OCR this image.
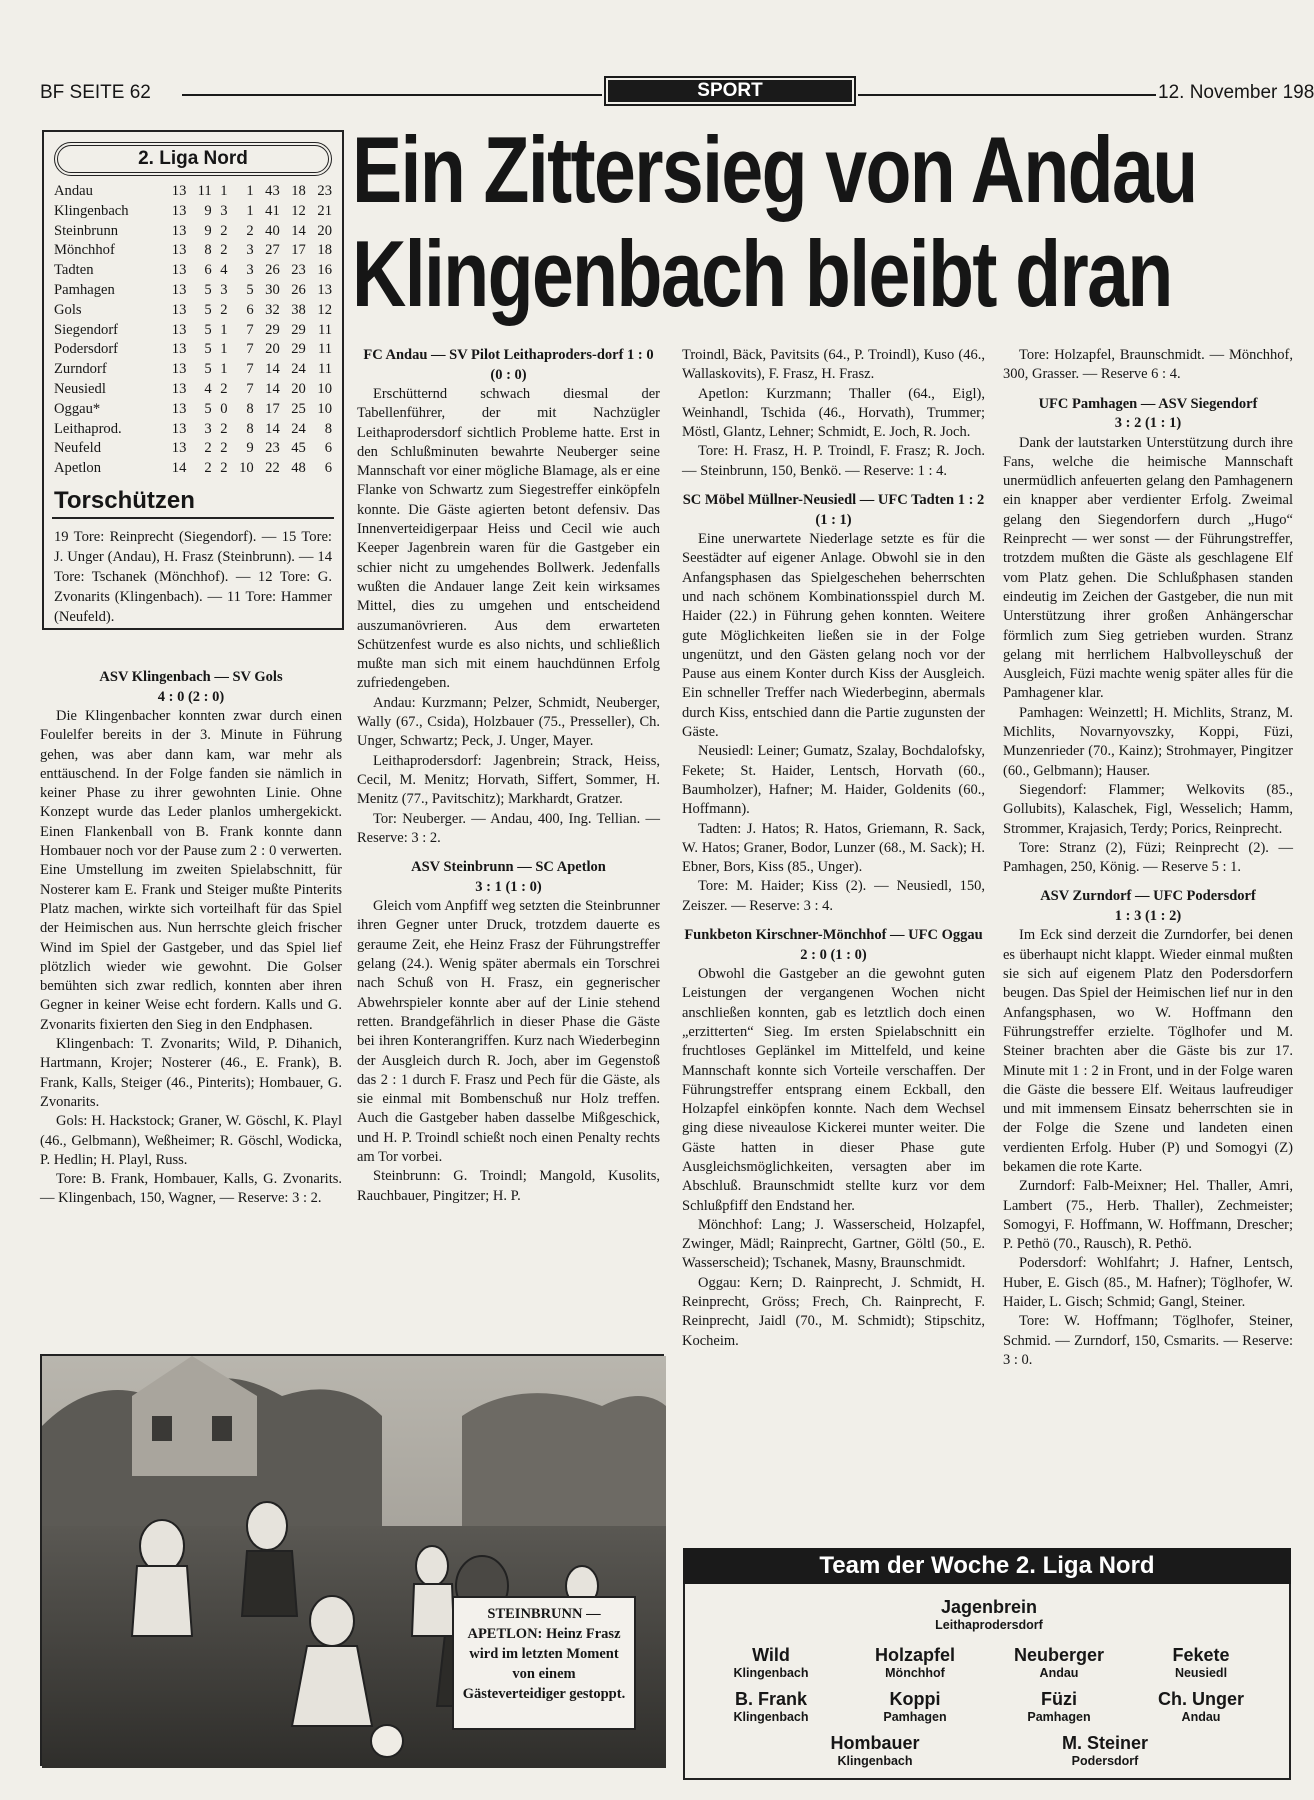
BF SEITE 62	SPORT	12. November 198
Ein Zittersieg von Andau
Klingenbach bleibt dran
2. Liga Nord
Andau	13	11	1	1	43	18	23
Klingenbach	13	9	3	1	41	12	21
Steinbrunn	13	9	2	2	40	14	20
Mönchhof	13	8	2	3	27	17	18
Tadten	13	6	4	3	26	23	16
Pamhagen	13	5	3	5	30	26	13
Gols	13	5	2	6	32	38	12
Siegendorf	13	5	1	7	29	29	11
Podersdorf	13	5	1	7	20	29	11
Zurndorf	13	5	1	7	14	24	11
Neusiedl	13	4	2	7	14	20	10
Oggau*	13	5	0	8	17	25	10
Leithaprod.	13	3	2	8	14	24	8
Neufeld	13	2	2	9	23	45	6
Apetlon	14	2	2	10	22	48	6
Torschützen
19 Tore: Reinprecht (Siegendorf). — 15 Tore: J. Unger (Andau), H. Frasz (Steinbrunn). — 14 Tore: Tschanek (Mönchhof). — 12 Tore: G. Zvonarits (Klingenbach). — 11 Tore: Hammer (Neufeld).
ASV Klingenbach — SV Gols
4 : 0 (2 : 0)

Die Klingenbacher konnten zwar durch einen Foulelfer bereits in der 3. Minute in Führung gehen, was aber dann kam, war mehr als enttäuschend. In der Folge fanden sie nämlich in keiner Phase zu ihrer gewohnten Linie. Ohne Konzept wurde das Leder planlos umhergekickt. Einen Flankenball von B. Frank konnte dann Hombauer noch vor der Pause zum 2 : 0 verwerten. Eine Umstellung im zweiten Spielabschnitt, für Nosterer kam E. Frank und Steiger mußte Pinterits Platz machen, wirkte sich vorteilhaft für das Spiel der Heimischen aus. Nun herrschte gleich frischer Wind im Spiel der Gastgeber, und das Spiel lief plötzlich wieder wie gewohnt. Die Golser bemühten sich zwar redlich, konnten aber ihren Gegner in keiner Weise echt fordern. Kalls und G. Zvonarits fixierten den Sieg in den Endphasen.

Klingenbach: T. Zvonarits; Wild, P. Dihanich, Hartmann, Krojer; Nosterer (46., E. Frank), B. Frank, Kalls, Steiger (46., Pinterits); Hombauer, G. Zvonarits.

Gols: H. Hackstock; Graner, W. Göschl, K. Playl (46., Gelbmann), Weßheimer; R. Göschl, Wodicka, P. Hedlin; H. Playl, Russ.

Tore: B. Frank, Hombauer, Kalls, G. Zvonarits. — Klingenbach, 150, Wagner, — Reserve: 3 : 2.

FC Andau — SV Pilot Leithaproders-dorf 1 : 0 (0 : 0)

Erschütternd schwach diesmal der Tabellenführer, der mit Nachzügler Leithaprodersdorf sichtlich Probleme hatte. Erst in den Schlußminuten bewahrte Neuberger seine Mannschaft vor einer mögliche Blamage, als er eine Flanke von Schwartz zum Siegestreffer einköpfeln konnte. Die Gäste agierten betont defensiv. Das Innenverteidigerpaar Heiss und Cecil wie auch Keeper Jagenbrein waren für die Gastgeber ein schier nicht zu umgehendes Bollwerk. Jedenfalls wußten die Andauer lange Zeit kein wirksames Mittel, dies zu umgehen und entscheidend auszumanövrieren. Aus dem erwarteten Schützenfest wurde es also nichts, und schließlich mußte man sich mit einem hauchdünnen Erfolg zufriedengeben.

Andau: Kurzmann; Pelzer, Schmidt, Neuberger, Wally (67., Csida), Holzbauer (75., Presseller), Ch. Unger, Schwartz; Peck, J. Unger, Mayer.

Leithaprodersdorf: Jagenbrein; Strack, Heiss, Cecil, M. Menitz; Horvath, Siffert, Sommer, H. Menitz (77., Pavitschitz); Markhardt, Gratzer.

Tor: Neuberger. — Andau, 400, Ing. Tellian. — Reserve: 3 : 2.

ASV Steinbrunn — SC Apetlon
3 : 1 (1 : 0)

Gleich vom Anpfiff weg setzten die Steinbrunner ihren Gegner unter Druck, trotzdem dauerte es geraume Zeit, ehe Heinz Frasz der Führungstreffer gelang (24.). Wenig später abermals ein Torschrei nach Schuß von H. Frasz, ein gegnerischer Abwehrspieler konnte aber auf der Linie stehend retten. Brandgefährlich in dieser Phase die Gäste bei ihren Konterangriffen. Kurz nach Wiederbeginn der Ausgleich durch R. Joch, aber im Gegenstoß das 2 : 1 durch F. Frasz und Pech für die Gäste, als sie einmal mit Bombenschuß nur Holz treffen. Auch die Gastgeber haben dasselbe Mißgeschick, und H. P. Troindl schießt noch einen Penalty rechts am Tor vorbei.

Steinbrunn: G. Troindl; Mangold, Kusolits, Rauchbauer, Pingitzer; H. P.

Troindl, Bäck, Pavitsits (64., P. Troindl), Kuso (46., Wallaskovits), F. Frasz, H. Frasz.

Apetlon: Kurzmann; Thaller (64., Eigl), Weinhandl, Tschida (46., Horvath), Trummer; Möstl, Glantz, Lehner; Schmidt, E. Joch, R. Joch.

Tore: H. Frasz, H. P. Troindl, F. Frasz; R. Joch. — Steinbrunn, 150, Benkö. — Reserve: 1 : 4.

SC Möbel Müllner-Neusiedl — UFC Tadten 1 : 2 (1 : 1)

Eine unerwartete Niederlage setzte es für die Seestädter auf eigener Anlage. Obwohl sie in den Anfangsphasen das Spielgeschehen beherrschten und nach schönem Kombinationsspiel durch M. Haider (22.) in Führung gehen konnten. Weitere gute Möglichkeiten ließen sie in der Folge ungenützt, und den Gästen gelang noch vor der Pause aus einem Konter durch Kiss der Ausgleich. Ein schneller Treffer nach Wiederbeginn, abermals durch Kiss, entschied dann die Partie zugunsten der Gäste.

Neusiedl: Leiner; Gumatz, Szalay, Bochdalofsky, Fekete; St. Haider, Lentsch, Horvath (60., Baumholzer), Hafner; M. Haider, Goldenits (60., Hoffmann).

Tadten: J. Hatos; R. Hatos, Griemann, R. Sack, W. Hatos; Graner, Bodor, Lunzer (68., M. Sack); H. Ebner, Bors, Kiss (85., Unger).

Tore: M. Haider; Kiss (2). — Neusiedl, 150, Zeiszer. — Reserve: 3 : 4.

Funkbeton Kirschner-Mönchhof — UFC Oggau 2 : 0 (1 : 0)

Obwohl die Gastgeber an die gewohnt guten Leistungen der vergangenen Wochen nicht anschließen konnten, gab es letztlich doch einen „erzitterten“ Sieg. Im ersten Spielabschnitt ein fruchtloses Geplänkel im Mittelfeld, und keine Mannschaft konnte sich Vorteile verschaffen. Der Führungstreffer entsprang einem Eckball, den Holzapfel einköpfen konnte. Nach dem Wechsel ging diese niveaulose Kickerei munter weiter. Die Gäste hatten in dieser Phase gute Ausgleichsmöglichkeiten, versagten aber im Abschluß. Braunschmidt stellte kurz vor dem Schlußpfiff den Endstand her.

Mönchhof: Lang; J. Wasserscheid, Holzapfel, Zwinger, Mädl; Rainprecht, Gartner, Göltl (50., E. Wasserscheid); Tschanek, Masny, Braunschmidt.

Oggau: Kern; D. Rainprecht, J. Schmidt, H. Reinprecht, Gröss; Frech, Ch. Rainprecht, F. Reinprecht, Jaidl (70., M. Schmidt); Stipschitz, Kocheim.

Tore: Holzapfel, Braunschmidt. — Mönchhof, 300, Grasser. — Reserve 6 : 4.

UFC Pamhagen — ASV Siegendorf
3 : 2 (1 : 1)

Dank der lautstarken Unterstützung durch ihre Fans, welche die heimische Mannschaft unermüdlich anfeuerten gelang den Pamhagenern ein knapper aber verdienter Erfolg. Zweimal gelang den Siegendorfern durch „Hugo“ Reinprecht — wer sonst — der Führungstreffer, trotzdem mußten die Gäste als geschlagene Elf vom Platz gehen. Die Schlußphasen standen eindeutig im Zeichen der Gastgeber, die nun mit Unterstützung ihrer großen Anhängerschar förmlich zum Sieg getrieben wurden. Stranz gelang mit herrlichem Halbvolleyschuß der Ausgleich, Füzi machte wenig später alles für die Pamhagener klar.

Pamhagen: Weinzettl; H. Michlits, Stranz, M. Michlits, Novarnyovszky, Koppi, Füzi, Munzenrieder (70., Kainz); Strohmayer, Pingitzer (60., Gelbmann); Hauser.

Siegendorf: Flammer; Welkovits (85., Gollubits), Kalaschek, Figl, Wesselich; Hamm, Strommer, Krajasich, Terdy; Porics, Reinprecht.

Tore: Stranz (2), Füzi; Reinprecht (2). — Pamhagen, 250, König. — Reserve 5 : 1.

ASV Zurndorf — UFC Podersdorf
1 : 3 (1 : 2)

Im Eck sind derzeit die Zurndorfer, bei denen es überhaupt nicht klappt. Wieder einmal mußten sie sich auf eigenem Platz den Podersdorfern beugen. Das Spiel der Heimischen lief nur in den Anfangsphasen, wo W. Hoffmann den Führungstreffer erzielte. Töglhofer und M. Steiner brachten aber die Gäste bis zur 17. Minute mit 1 : 2 in Front, und in der Folge waren die Gäste die bessere Elf. Weitaus laufreudiger und mit immensem Einsatz beherrschten sie in der Folge die Szene und landeten einen verdienten Erfolg. Huber (P) und Somogyi (Z) bekamen die rote Karte.

Zurndorf: Falb-Meixner; Hel. Thaller, Amri, Lambert (75., Herb. Thaller), Zechmeister; Somogyi, F. Hoffmann, W. Hoffmann, Drescher; P. Pethö (70., Rausch), R. Pethö.

Podersdorf: Wohlfahrt; J. Hafner, Lentsch, Huber, E. Gisch (85., M. Hafner); Töglhofer, W. Haider, L. Gisch; Schmid; Gangl, Steiner.

Tore: W. Hoffmann; Töglhofer, Steiner, Schmid. — Zurndorf, 150, Csmarits. — Reserve: 3 : 0.

STEINBRUNN — APETLON: Heinz Frasz wird im letzten Moment von einem Gästeverteidiger gestoppt.
Jagenbrein
Leithaprodersdorf
Wild
Klingenbach
Holzapfel
Mönchhof
Neuberger
Andau
Fekete
Neusiedl
B. Frank
Klingenbach
Koppi
Pamhagen
Füzi
Pamhagen
Ch. Unger
Andau
Hombauer
Klingenbach
M. Steiner
Podersdorf
Team der Woche 2. Liga Nord
